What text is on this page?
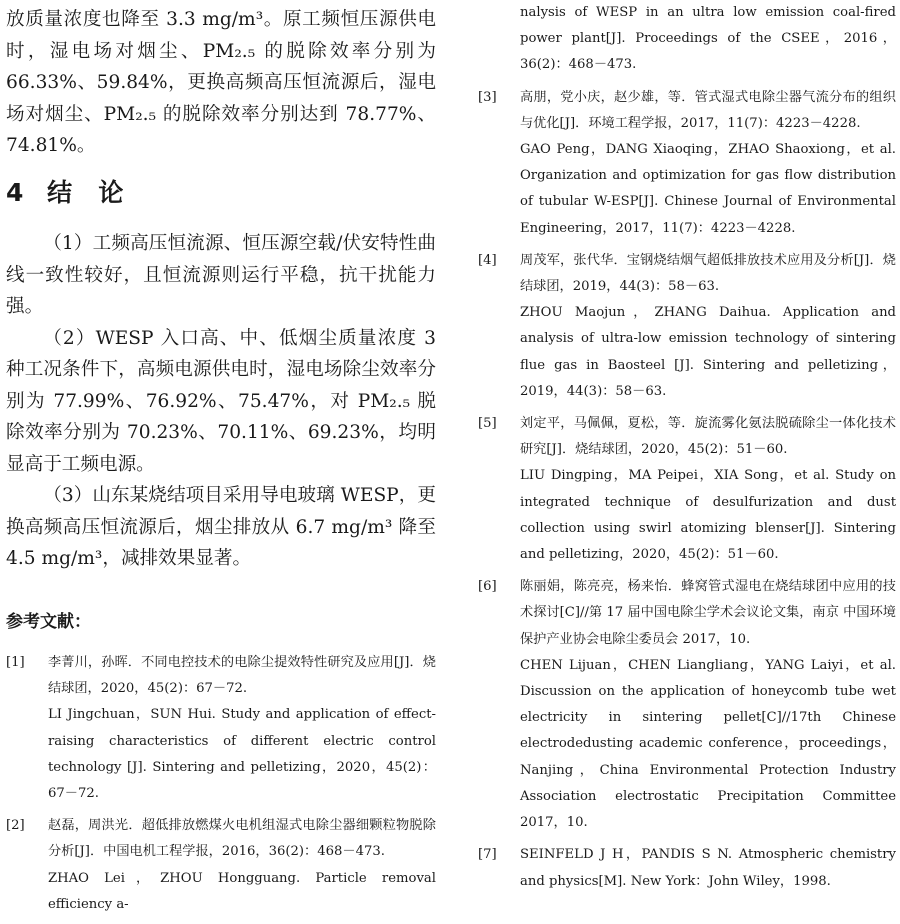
放质量浓度也降至 3.3 mg/m³。原工频恒压源供电时，湿电场对烟尘、PM₂.₅ 的脱除效率分别为 66.33%、59.84%，更换高频高压恒流源后，湿电场对烟尘、PM₂.₅ 的脱除效率分别达到 78.77%、74.81%。

4 结 论

（1）工频高压恒流源、恒压源空载/伏安特性曲线一致性较好，且恒流源则运行平稳，抗干扰能力强。

（2）WESP 入口高、中、低烟尘质量浓度 3 种工况条件下，高频电源供电时，湿电场除尘效率分别为 77.99%、76.92%、75.47%，对 PM₂.₅ 脱除效率分别为 70.23%、70.11%、69.23%，均明显高于工频电源。

（3）山东某烧结项目采用导电玻璃 WESP，更换高频高压恒流源后，烟尘排放从 6.7 mg/m³ 降至 4.5 mg/m³，减排效果显著。

参考文献：
[1] 李菁川，孙晖．不同电控技术的电除尘提效特性研究及应用[J]．烧结球团，2020，45(2)：67－72.
LI Jingchuan，SUN Hui. Study and application of effect-raising characteristics of different electric control technology [J]. Sintering and pelletizing，2020，45(2)：67－72.
[2] 赵磊，周洪光．超低排放燃煤火电机组湿式电除尘器细颗粒物脱除分析[J]．中国电机工程学报，2016，36(2)：468－473.
ZHAO Lei，ZHOU Hongguang. Particle removal efficiency a-

nalysis of WESP in an ultra low emission coal-fired power plant[J]. Proceedings of the CSEE，2016，36(2)：468－473.

[3] 高朋，党小庆，赵少雄，等．管式湿式电除尘器气流分布的组织与优化[J]．环境工程学报，2017，11(7)：4223－4228.
GAO Peng，DANG Xiaoqing，ZHAO Shaoxiong，et al. Organization and optimization for gas flow distribution of tubular W-ESP[J]. Chinese Journal of Environmental Engineering，2017，11(7)：4223－4228.
[4] 周茂军，张代华．宝钢烧结烟气超低排放技术应用及分析[J]．烧结球团，2019，44(3)：58－63.
ZHOU Maojun，ZHANG Daihua. Application and analysis of ultra-low emission technology of sintering flue gas in Baosteel [J]. Sintering and pelletizing，2019，44(3)：58－63.
[5] 刘定平，马佩佩，夏松，等．旋流雾化氨法脱硫除尘一体化技术研究[J]．烧结球团，2020，45(2)：51－60.
LIU Dingping，MA Peipei，XIA Song，et al. Study on integrated technique of desulfurization and dust collection using swirl atomizing blenser[J]. Sintering and pelletizing，2020，45(2)：51－60.
[6] 陈丽娟，陈亮亮，杨来怡．蜂窝管式湿电在烧结球团中应用的技术探讨[C]//第 17 届中国电除尘学术会议论文集，南京 中国环境保护产业协会电除尘委员会 2017，10.
CHEN Lijuan，CHEN Liangliang，YANG Laiyi，et al. Discussion on the application of honeycomb tube wet electricity in sintering pellet[C]//17th Chinese electrodedusting academic conference，proceedings，Nanjing，China Environmental Protection Industry Association electrostatic Precipitation Committee 2017，10.
[7] SEINFELD J H，PANDIS S N. Atmospheric chemistry and physics[M]. New York：John Wiley，1998.
